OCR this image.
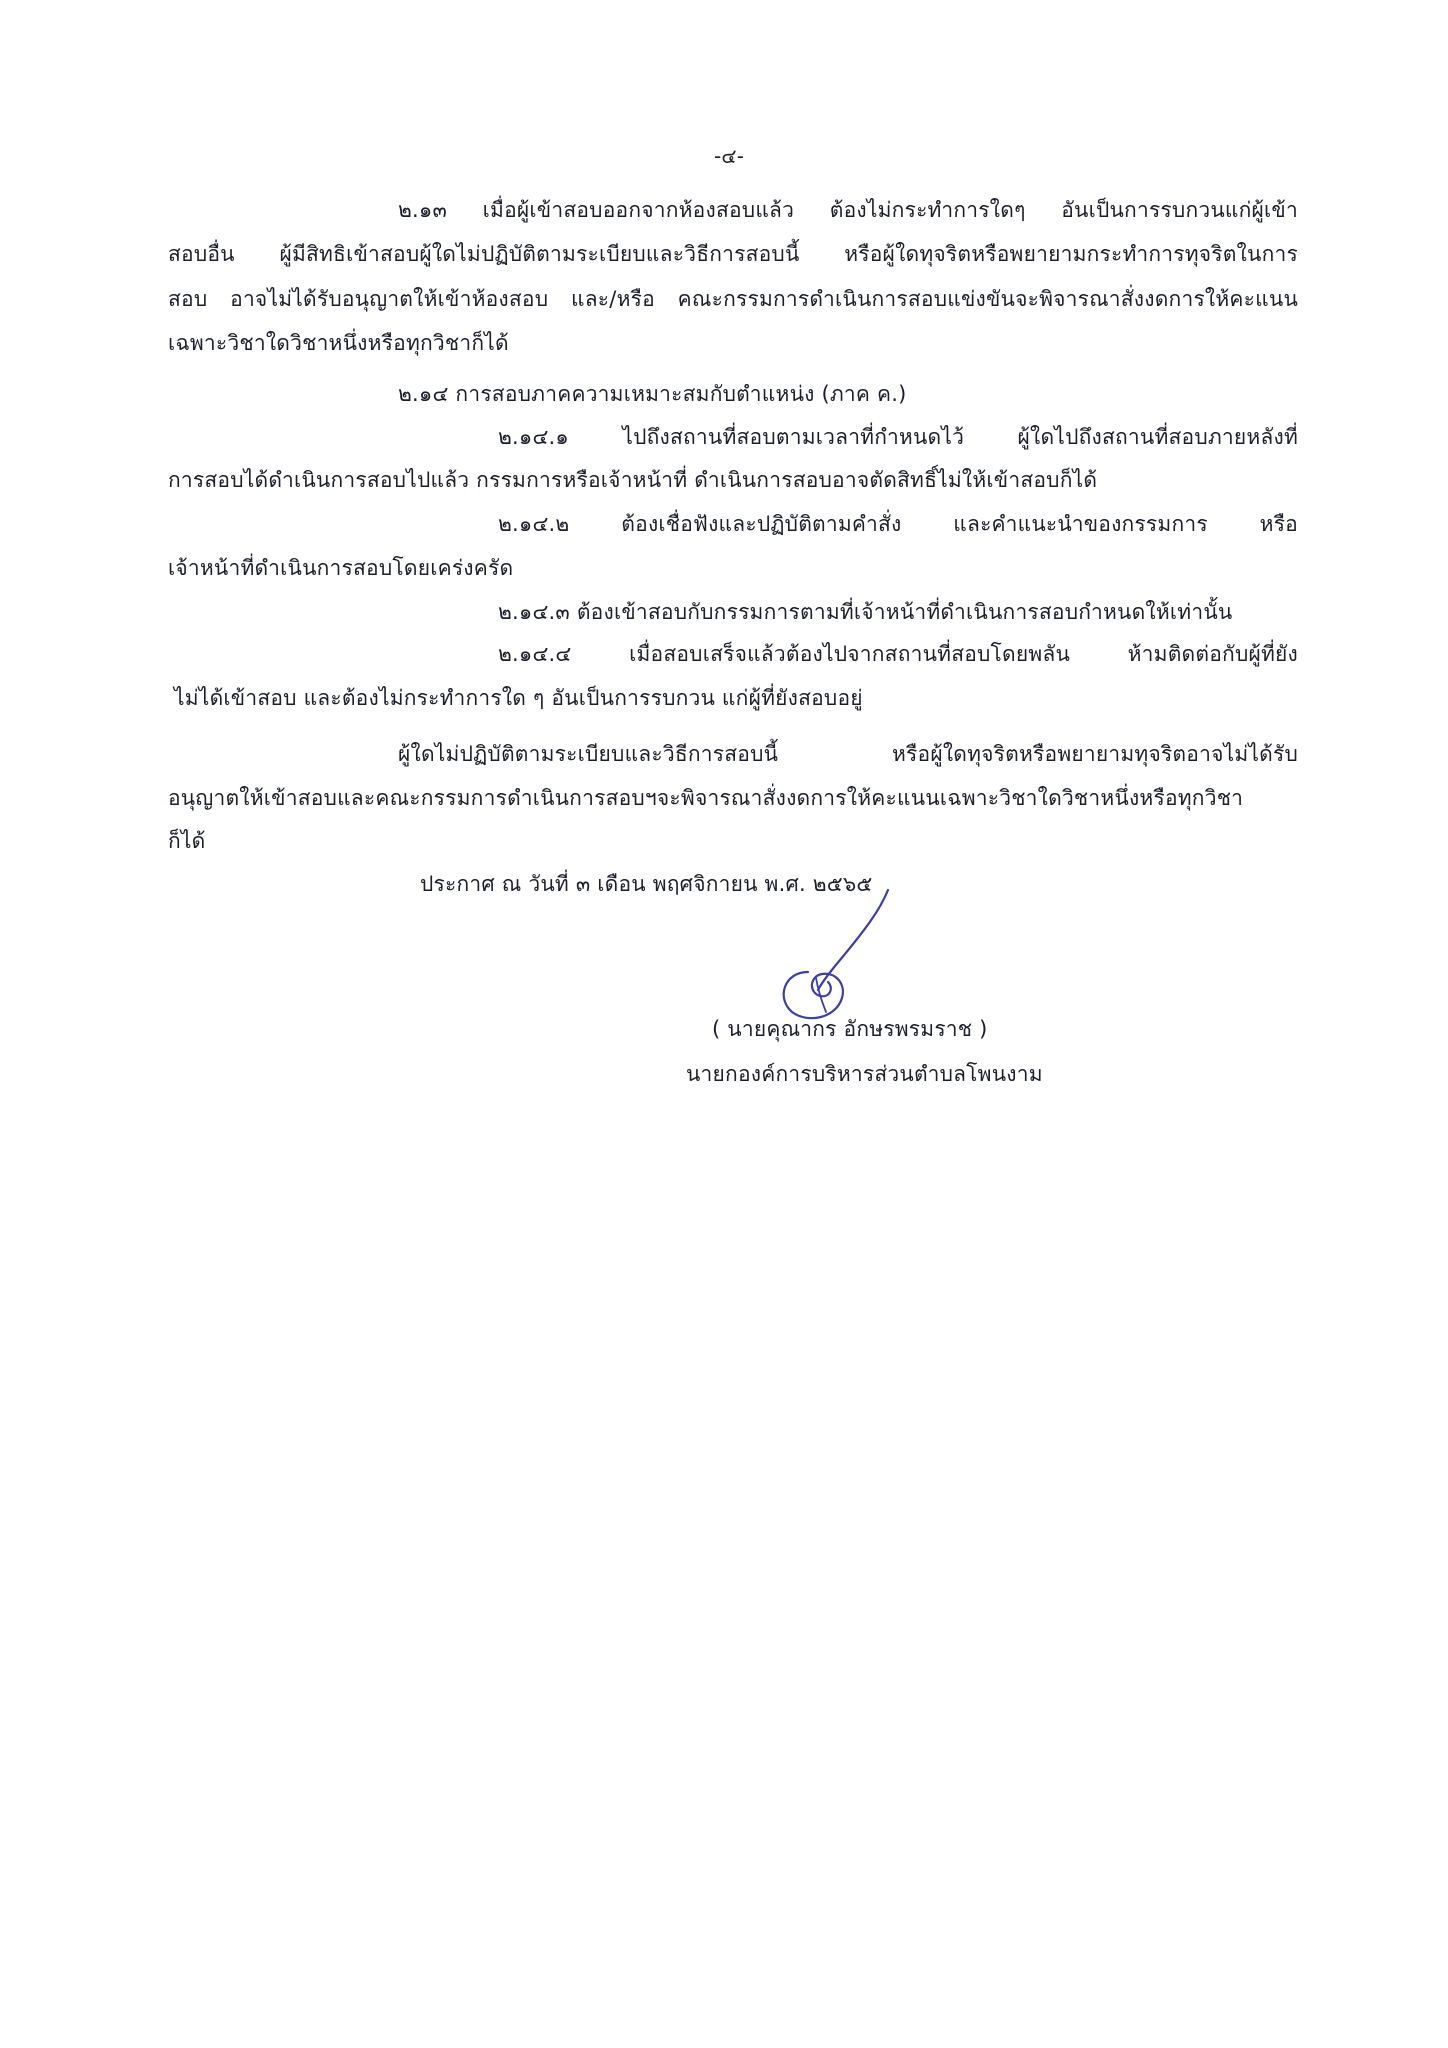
-๔-
๒.๑๓ เมื่อผู้เข้าสอบออกจากห้องสอบแล้ว ต้องไม่กระทำการใดๆ อันเป็นการรบกวนแก่ผู้เข้า
สอบอื่น ผู้มีสิทธิเข้าสอบผู้ใดไม่ปฏิบัติตามระเบียบและวิธีการสอบนี้ หรือผู้ใดทุจริตหรือพยายามกระทำการทุจริตในการ
สอบ อาจไม่ได้รับอนุญาตให้เข้าห้องสอบ และ/หรือ คณะกรรมการดำเนินการสอบแข่งขันจะพิจารณาสั่งงดการให้คะแนน
เฉพาะวิชาใดวิชาหนึ่งหรือทุกวิชาก็ได้
๒.๑๔ การสอบภาคความเหมาะสมกับตำแหน่ง (ภาค ค.)
๒.๑๔.๑ ไปถึงสถานที่สอบตามเวลาที่กำหนดไว้ ผู้ใดไปถึงสถานที่สอบภายหลังที่
การสอบได้ดำเนินการสอบไปแล้ว กรรมการหรือเจ้าหน้าที่ ดำเนินการสอบอาจตัดสิทธิ์ไม่ให้เข้าสอบก็ได้
๒.๑๔.๒ ต้องเชื่อฟังและปฏิบัติตามคำสั่ง และคำแนะนำของกรรมการ หรือ
เจ้าหน้าที่ดำเนินการสอบโดยเคร่งครัด
๒.๑๔.๓ ต้องเข้าสอบกับกรรมการตามที่เจ้าหน้าที่ดำเนินการสอบกำหนดให้เท่านั้น
๒.๑๔.๔ เมื่อสอบเสร็จแล้วต้องไปจากสถานที่สอบโดยพลัน ห้ามติดต่อกับผู้ที่ยัง
ไม่ได้เข้าสอบ และต้องไม่กระทำการใด ๆ อันเป็นการรบกวน แก่ผู้ที่ยังสอบอยู่
ผู้ใดไม่ปฏิบัติตามระเบียบและวิธีการสอบนี้ หรือผู้ใดทุจริตหรือพยายามทุจริตอาจไม่ได้รับ
อนุญาตให้เข้าสอบและคณะกรรมการดำเนินการสอบฯจะพิจารณาสั่งงดการให้คะแนนเฉพาะวิชาใดวิชาหนึ่งหรือทุกวิชา
ก็ได้
ประกาศ ณ วันที่ ๓ เดือน พฤศจิกายน พ.ศ. ๒๕๖๕
( นายคุณากร อักษรพรมราช )
นายกองค์การบริหารส่วนตำบลโพนงาม
